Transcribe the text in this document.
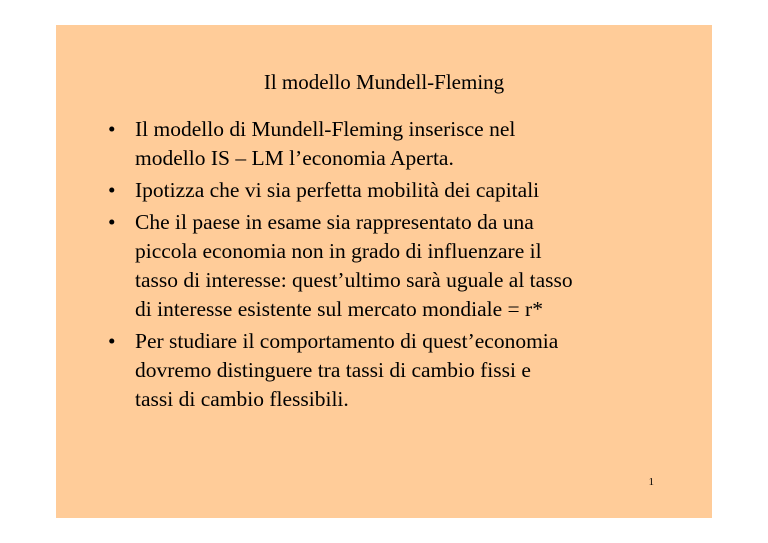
Il modello Mundell-Fleming
• Il modello di Mundell-Fleming inserisce nel
modello IS – LM l’economia Aperta.
• Ipotizza che vi sia perfetta mobilità dei capitali
• Che il paese in esame sia rappresentato da una
piccola economia non in grado di influenzare il
tasso di interesse: quest’ultimo sarà uguale al tasso
di interesse esistente sul mercato mondiale = r*
• Per studiare il comportamento di quest’economia
dovremo distinguere tra tassi di cambio fissi e
tassi di cambio flessibili.
1
